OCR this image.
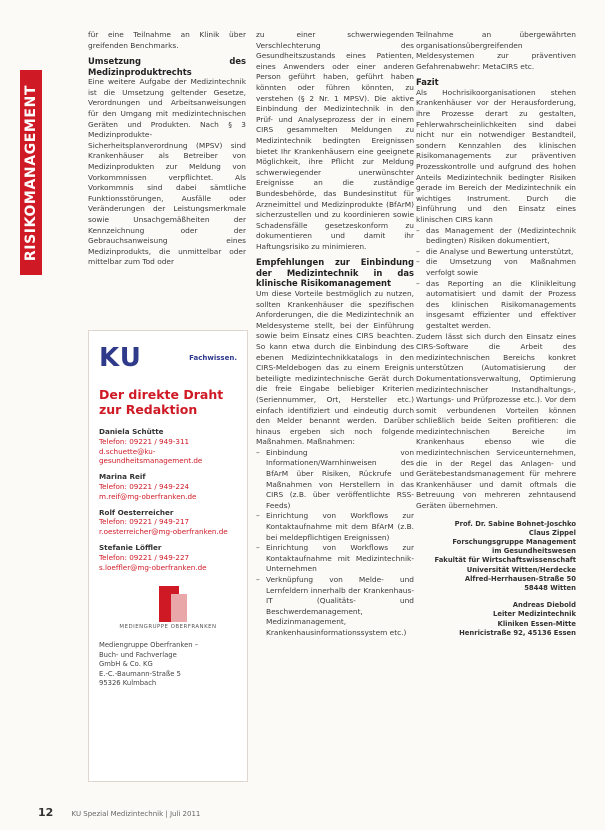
RISIKOMANAGEMENT

für eine Teilnahme an Klinik über greifenden Benchmarks.

Umsetzung des Medizinproduktrechts

Eine weitere Aufgabe der Medizintechnik ist die Umsetzung geltender Gesetze, Verordnungen und Arbeitsanweisungen für den Umgang mit medizintechnischen Geräten und Produkten. Nach § 3 Medizinprodukte-Sicherheitsplanverordnung (MPSV) sind Krankenhäuser als Betreiber von Medizinprodukten zur Meldung von Vorkommnissen verpflichtet. Als Vorkommnis sind dabei sämtliche Funktionsstörungen, Ausfälle oder Veränderungen der Leistungsmerkmale sowie Unsachgemäßheiten der Kennzeichnung oder der Gebrauchsanweisung eines Medizinprodukts, die unmittelbar oder mittelbar zum Tod oder

KU	Fachwissen.
Der direkte Draht zur Redaktion
Daniela Schütte
Telefon: 09221 / 949-311
d.schuette@ku-gesundheitsmanagement.de
Marina Reif
Telefon: 09221 / 949-224
m.reif@mg-oberfranken.de
Rolf Oesterreicher
Telefon: 09221 / 949-217
r.oesterreicher@mg-oberfranken.de
Stefanie Löffler
Telefon: 09221 / 949-227
s.loeffler@mg-oberfranken.de
MEDIENGRUPPE OBERFRANKEN
Mediengruppe Oberfranken –
Buch- und Fachverlage
GmbH & Co. KG
E.-C.-Baumann-Straße 5
95326 Kulmbach

zu einer schwerwiegenden Verschlechterung des Gesundheitszustands eines Patienten, eines Anwenders oder einer anderen Person geführt haben, geführt haben könnten oder führen könnten, zu verstehen (§ 2 Nr. 1 MPSV). Die aktive Einbindung der Medizintechnik in den Prüf- und Analyseprozess der in einem CIRS gesammelten Meldungen zu Medizintechnik bedingten Ereignissen bietet Ihr Krankenhäusern eine geeignete Möglichkeit, ihre Pflicht zur Meldung schwerwiegender unerwünschter Ereignisse an die zuständige Bundesbehörde, das Bundesinstitut für Arzneimittel und Medizinprodukte (BfArM) sicherzustellen und zu koordinieren sowie Schadensfälle gesetzeskonform zu dokumentieren und damit ihr Haftungsrisiko zu minimieren.

Empfehlungen zur Einbindung der Medizintechnik in das klinische Risikomanagement

Um diese Vorteile bestmöglich zu nutzen, sollten Krankenhäuser die spezifischen Anforderungen, die die Medizintechnik an Meldesysteme stellt, bei der Einführung sowie beim Einsatz eines CIRS beachten. So kann etwa durch die Einbindung des ebenen Medizintechnikkatalogs in den CIRS-Meldebogen das zu einem Ereignis beteiligte medizintechnische Gerät durch die freie Eingabe beliebiger Kriterien (Seriennummer, Ort, Hersteller etc.) einfach identifiziert und eindeutig durch den Melder benannt werden. Darüber hinaus ergeben sich noch folgende Maßnahmen. Maßnahmen:

– Einbindung von Informationen/Warnhinweisen des BfArM über Risiken, Rückrufe und Maßnahmen von Herstellern in das CIRS (z.B. über veröffentlichte RSS-Feeds)
– Einrichtung von Workflows zur Kontaktaufnahme mit dem BfArM (z.B. bei meldepflichtigen Ereignissen)
– Einrichtung von Workflows zur Kontaktaufnahme mit Medizintechnik-Unternehmen
– Verknüpfung von Melde- und Lernfeldern innerhalb der Krankenhaus-IT (Qualitäts- und Beschwerdemanagement, Medizinmanagement, Krankenhausinformationssystem etc.)

Teilnahme an übergewährten organisationsübergreifenden Meldesystemen zur präventiven Gefahrenabwehr: MetaCIRS etc.

Fazit

Als Hochrisikoorganisationen stehen Krankenhäuser vor der Herausforderung, ihre Prozesse derart zu gestalten, Fehlerwahrscheinlichkeiten sind dabei nicht nur ein notwendiger Bestandteil, sondern Kennzahlen des klinischen Risikomanagements zur präventiven Prozesskontrolle und aufgrund des hohen Anteils Medizintechnik bedingter Risiken gerade im Bereich der Medizintechnik ein wichtiges Instrument. Durch die Einführung und den Einsatz eines klinischen CIRS kann

– das Management der (Medizintechnik bedingten) Risiken dokumentiert,
– die Analyse und Bewertung unterstützt,
– die Umsetzung von Maßnahmen verfolgt sowie
– das Reporting an die Klinikleitung automatisiert und damit der Prozess des klinischen Risikomanagements insgesamt effizienter und effektiver gestaltet werden.

Zudem lässt sich durch den Einsatz eines CIRS-Software die Arbeit des medizintechnischen Bereichs konkret unterstützen (Automatisierung der Dokumentationsverwaltung, Optimierung medizintechnischer Instandhaltungs-, Wartungs- und Prüfprozesse etc.). Vor dem somit verbundenen Vorteilen können schließlich beide Seiten profitieren: die medizintechnischen Bereiche im Krankenhaus ebenso wie die medizintechnischen Serviceunternehmen, die in der Regel das Anlagen- und Gerätebestandsmanagement für mehrere Krankenhäuser und damit oftmals die Betreuung von mehreren zehntausend Geräten übernehmen.

Prof. Dr. Sabine Bohnet-Joschko
Claus Zippel
Forschungsgruppe Management
im Gesundheitswesen
Fakultät für Wirtschaftswissenschaft
Universität Witten/Herdecke
Alfred-Herrhausen-Straße 50
58448 Witten
Andreas Diebold
Leiter Medizintechnik
Kliniken Essen-Mitte
Henricistraße 92, 45136 Essen
12	KU Spezial Medizintechnik | Juli 2011
